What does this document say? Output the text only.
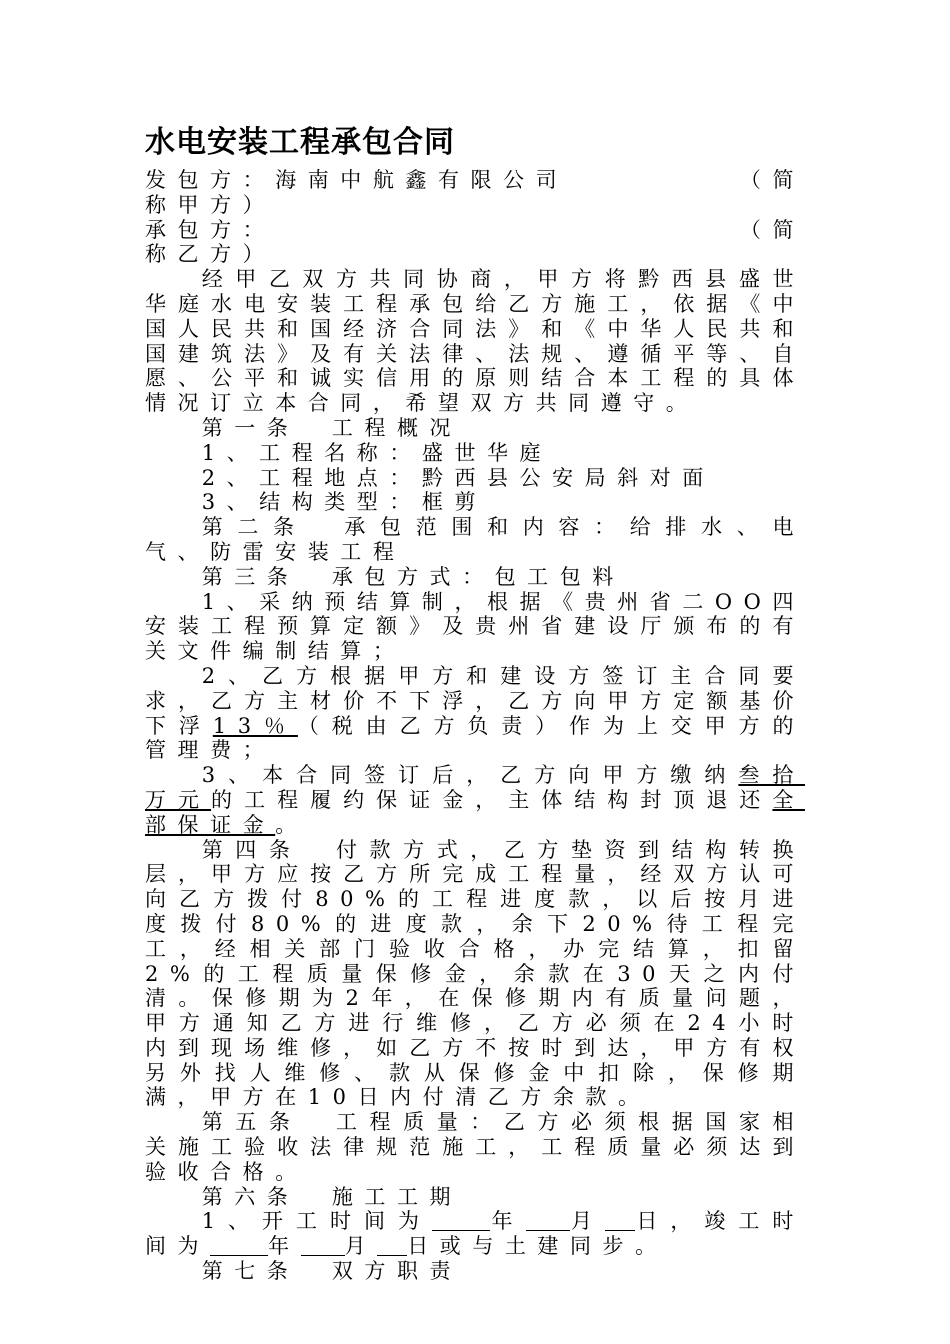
水电安装工程承包合同

发包方：海南中航鑫有限公司	（简

称甲方）

承包方：	（简

称乙方）

经甲乙双方共同协商，甲方将黔西县盛世华庭水电安装工程承包给乙方施工，依据《中国人民共和国经济合同法》和《中华人民共和国建筑法》及有关法律、法规、遵循平等、自愿、公平和诚实信用的原则结合本工程的具体情况订立本合同，希望双方共同遵守。

第一条　工程概况

1、工程名称：盛世华庭

2、工程地点：黔西县公安局斜对面

3、结构类型：框剪

第二条　承包范围和内容：给排水、电气、防雷安装工程

第三条　承包方式：包工包料

1、采纳预结算制，根据《贵州省二OO四安装工程预算定额》及贵州省建设厅颁布的有关文件编制结算；

2、乙方根据甲方和建设方签订主合同要求，乙方主材价不下浮，乙方向甲方定额基价下浮13％（税由乙方负责）作为上交甲方的管理费；

3、本合同签订后，乙方向甲方缴纳叁拾万元的工程履约保证金，主体结构封顶退还全部保证金。

第四条　付款方式，乙方垫资到结构转换层，甲方应按乙方所完成工程量，经双方认可向乙方拨付80%的工程进度款，以后按月进度拨付80%的进度款，余下20%待工程完工，经相关部门验收合格，办完结算，扣留2%的工程质量保修金，余款在30天之内付清。保修期为2年，在保修期内有质量问题，甲方通知乙方进行维修，乙方必须在24小时内到现场维修，如乙方不按时到达，甲方有权另外找人维修、款从保修金中扣除，保修期满，甲方在10日内付清乙方余款。

第五条　工程质量：乙方必须根据国家相关施工验收法律规范施工，工程质量必须达到验收合格。

第六条　施工工期

1、开工时间为	年 月 日，竣工时间为	年 月 日或与土建同步。

第七条　双方职责
